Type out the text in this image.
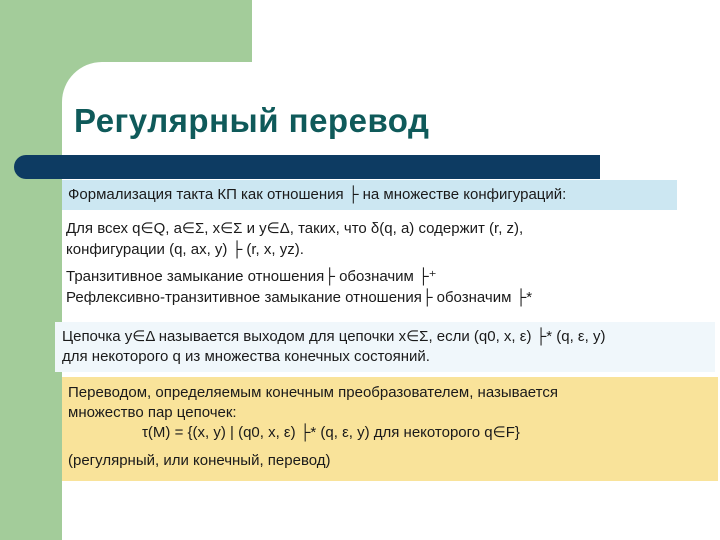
Регулярный перевод
Формализация такта КП как отношения ├ на множестве конфигураций:
Для всех q∈Q, a∈Σ, x∈Σ и y∈Δ, таких, что δ(q, a) содержит (r, z),
конфигурации (q, ax, y) ├ (r, x, yz).
Транзитивное замыкание отношения├ обозначим ├⁺
Рефлексивно-транзитивное замыкание отношения├ обозначим ├*
Цепочка y∈Δ называется выходом для цепочки x∈Σ, если (q0, x, ε) ├* (q, ε, y)
для некоторого q из множества конечных состояний.
Переводом, определяемым конечным преобразователем, называется
множество пар цепочек:
τ(M) = {(x, y) | (q0, x, ε) ├* (q, ε, y) для некоторого q∈F}
(регулярный, или конечный, перевод)
